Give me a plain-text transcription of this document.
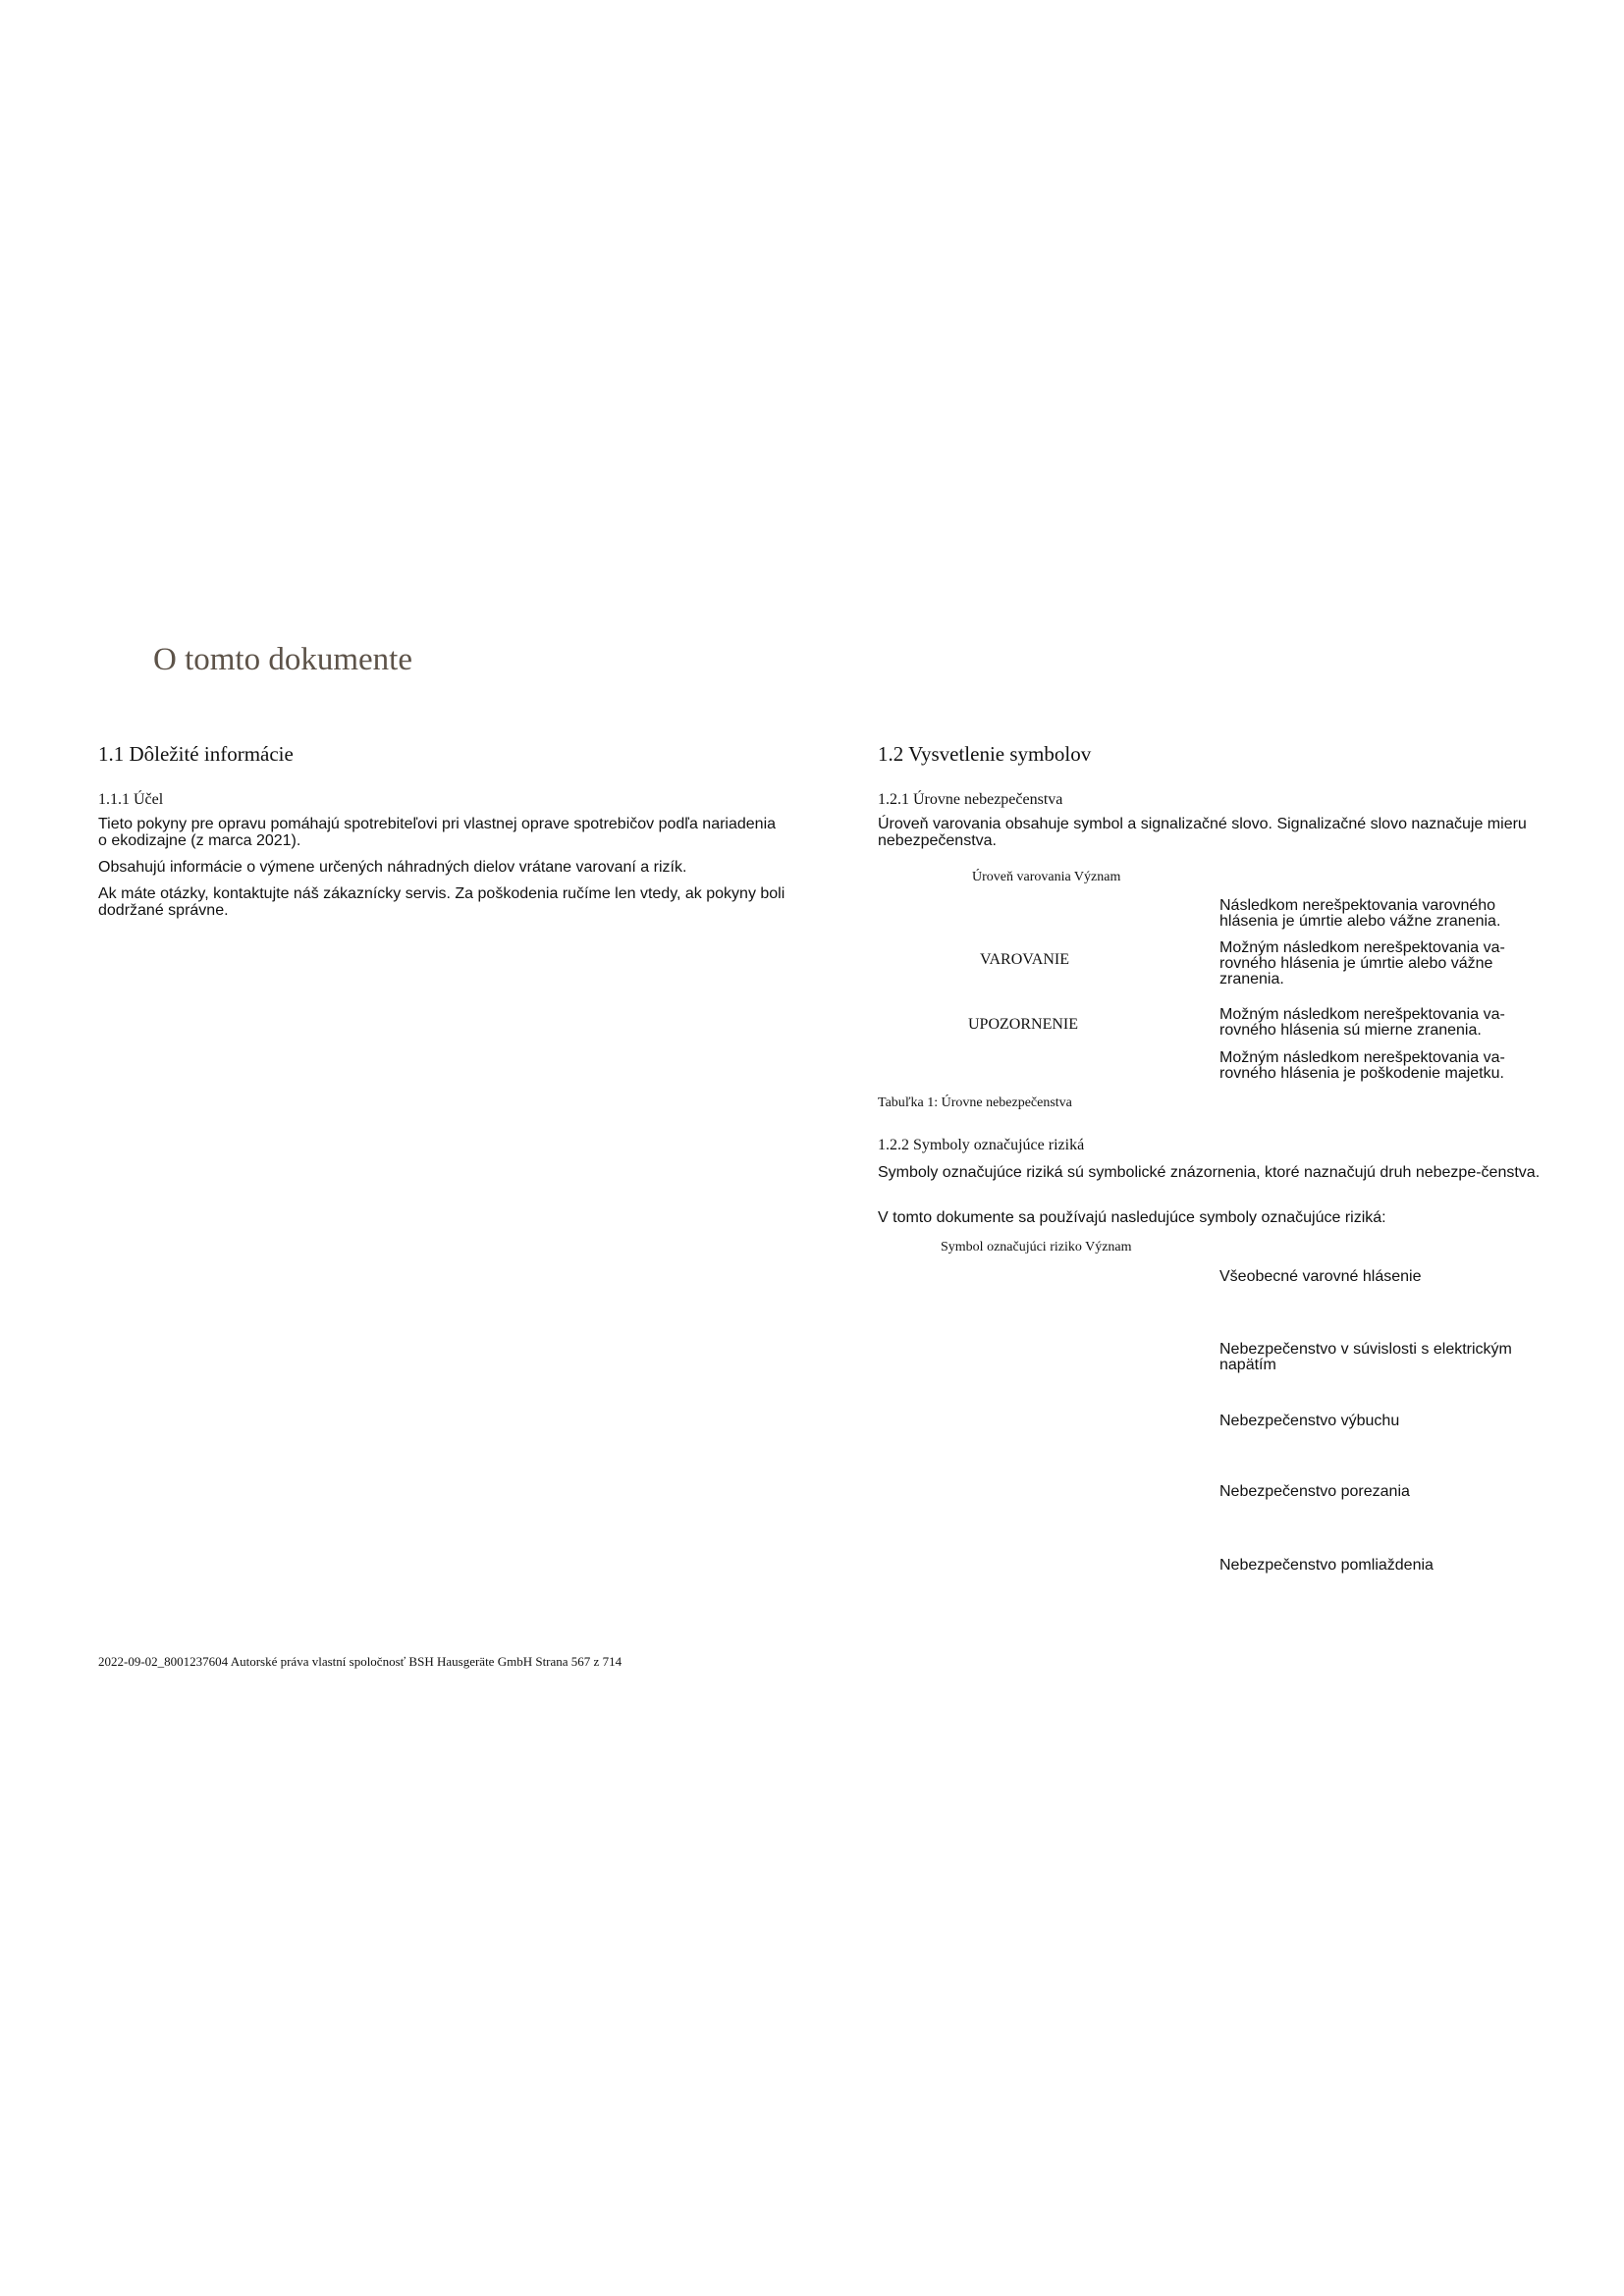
O tomto dokumente
1.1 Dôležité informácie
1.1.1 Účel
Tieto pokyny pre opravu pomáhajú spotrebiteľovi pri vlastnej oprave spotrebičov podľa nariadenia o ekodizajne (z marca 2021).
Obsahujú informácie o výmene určených náhradných dielov vrátane varovaní a rizík.
Ak máte otázky, kontaktujte náš zákaznícky servis. Za poškodenia ručíme len vtedy, ak pokyny boli dodržané správne.
1.2 Vysvetlenie symbolov
1.2.1 Úrovne nebezpečenstva
Úroveň varovania obsahuje symbol a signalizačné slovo. Signalizačné slovo naznačuje mieru nebezpečenstva.
Úroveň varovania Význam
Následkom nerešpektovania varovného hlásenia je úmrtie alebo vážne zranenia.
VAROVANIE
Možným následkom nerešpektovania va-rovného hlásenia je úmrtie alebo vážne zranenia.
UPOZORNENIE
Možným následkom nerešpektovania va-rovného hlásenia sú mierne zranenia.
Možným následkom nerešpektovania va-rovného hlásenia je poškodenie majetku.
Tabuľka 1: Úrovne nebezpečenstva
1.2.2 Symboly označujúce riziká
Symboly označujúce riziká sú symbolické znázornenia, ktoré naznačujú druh nebezpe-čenstva.
V tomto dokumente sa používajú nasledujúce symboly označujúce riziká:
Symbol označujúci riziko Význam
Všeobecné varovné hlásenie
Nebezpečenstvo v súvislosti s elektrickým napätím
Nebezpečenstvo výbuchu
Nebezpečenstvo porezania
Nebezpečenstvo pomliaždenia
2022-09-02_8001237604 Autorské práva vlastní spoločnosť BSH Hausgeräte GmbH Strana 567 z 714
